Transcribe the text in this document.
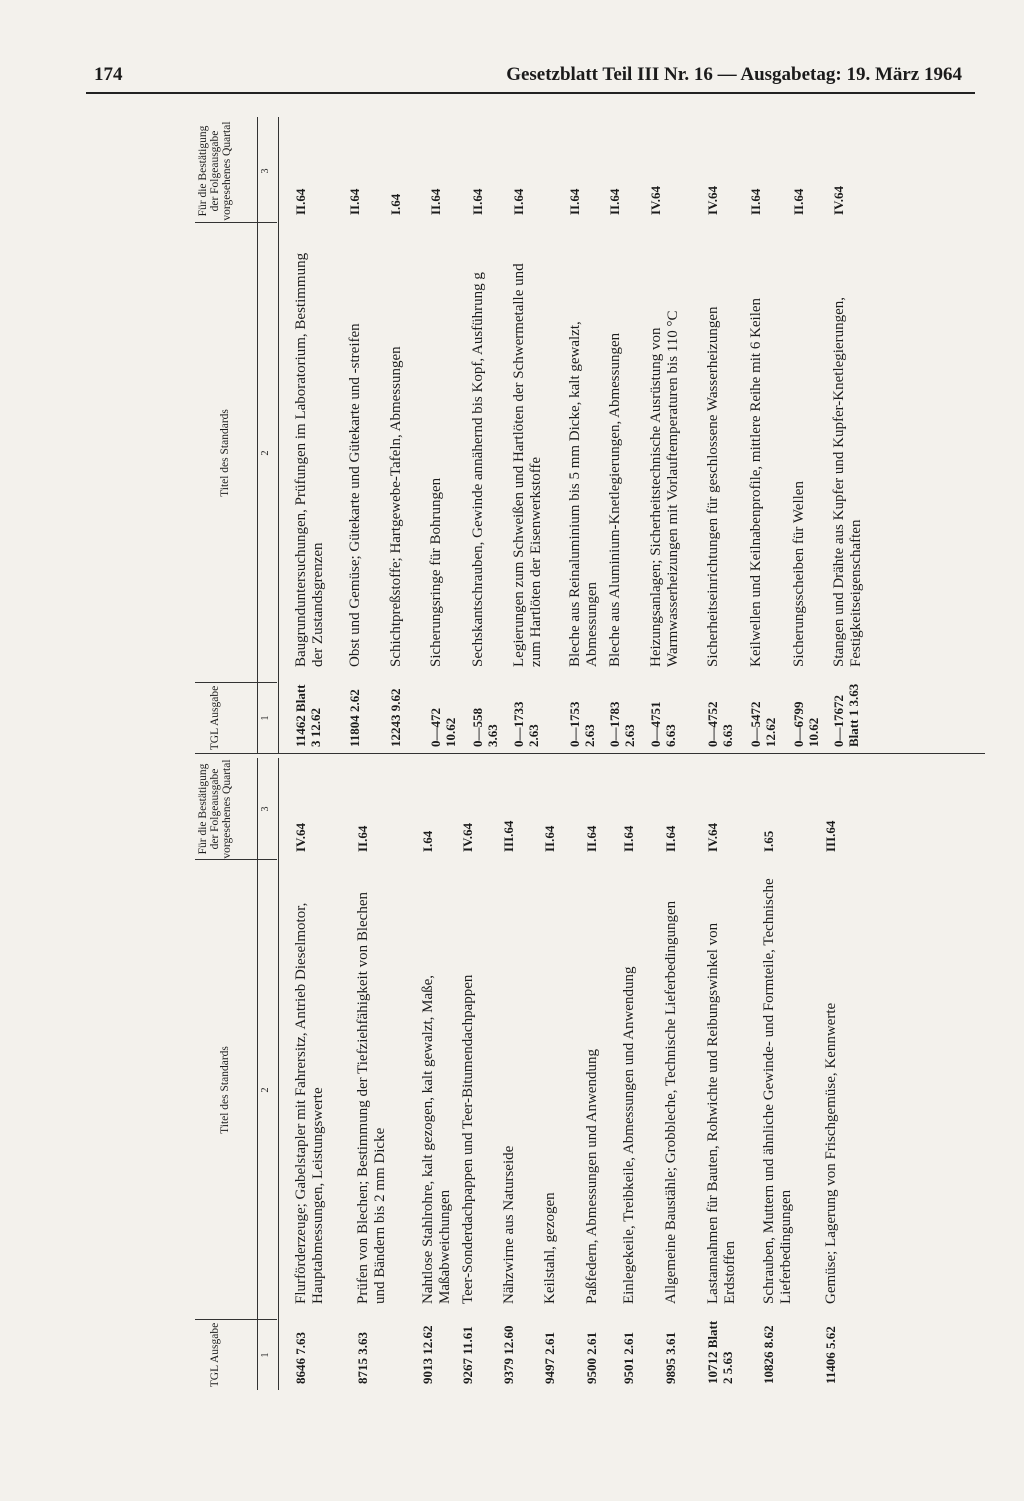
174	Gesetzblatt Teil III Nr. 16 — Ausgabetag: 19. März 1964
TGL Ausgabe
Titel des Standards
Für die Bestätigung der Folgeausgabe vorgesehenes Quartal
1
2
3
8646 7.63
Flurförderzeuge; Gabelstapler mit Fahrersitz, Antrieb Dieselmotor, Hauptabmessungen, Leistungswerte
IV.64
8715 3.63
Prüfen von Blechen; Bestimmung der Tiefziehfähigkeit von Blechen und Bändern bis 2 mm Dicke
II.64
9013 12.62
Nahtlose Stahlrohre, kalt gezogen, kalt gewalzt, Maße, Maßabweichungen
I.64
9267 11.61
Teer-Sonderdachpappen und Teer-Bitumendachpappen
IV.64
9379 12.60
Nähzwirne aus Naturseide
III.64
9497 2.61
Keilstahl, gezogen
II.64
9500 2.61
Paßfedern, Abmessungen und Anwendung
II.64
9501 2.61
Einlegekeile, Treibkeile, Abmessungen und Anwendung
II.64
9895 3.61
Allgemeine Baustähle; Grobbleche, Technische Lieferbedingungen
II.64
10712 Blatt 2 5.63
Lastannahmen für Bauten, Rohwichte und Reibungswinkel von Erdstoffen
IV.64
10826 8.62
Schrauben, Muttern und ähnliche Gewinde- und Formteile, Technische Lieferbedingungen
I.65
11406 5.62
Gemüse; Lagerung von Frischgemüse, Kennwerte
III.64
TGL Ausgabe
Titel des Standards
Für die Bestätigung der Folgeausgabe vorgesehenes Quartal
1
2
3
11462 Blatt 3 12.62
Baugrunduntersuchungen, Prüfungen im Laboratorium, Bestimmung der Zustandsgrenzen
II.64
11804 2.62
Obst und Gemüse; Gütekarte und Gütekarte und -streifen
II.64
12243 9.62
Schichtpreßstoffe; Hartgewebe-Tafeln, Abmessungen
I.64
0—472 10.62
Sicherungsringe für Bohrungen
II.64
0—558 3.63
Sechskantschrauben, Gewinde annähernd bis Kopf, Ausführung g
II.64
0—1733 2.63
Legierungen zum Schweißen und Hartlöten der Schwermetalle und zum Hartlöten der Eisenwerkstoffe
II.64
0—1753 2.63
Bleche aus Reinaluminium bis 5 mm Dicke, kalt gewalzt, Abmessungen
II.64
0—1783 2.63
Bleche aus Aluminium-Knetlegierungen, Abmessungen
II.64
0—4751 6.63
Heizungsanlagen; Sicherheitstechnische Ausrüstung von Warmwasserheizungen mit Vorlauftemperaturen bis 110 °C
IV.64
0—4752 6.63
Sicherheitseinrichtungen für geschlossene Wasserheizungen
IV.64
0—5472 12.62
Keilwellen und Keilnabenprofile, mittlere Reihe mit 6 Keilen
II.64
0—6799 10.62
Sicherungsscheiben für Wellen
II.64
0—17672 Blatt 1 3.63
Stangen und Drähte aus Kupfer und Kupfer-Knetlegierungen, Festigkeitseigenschaften
IV.64
